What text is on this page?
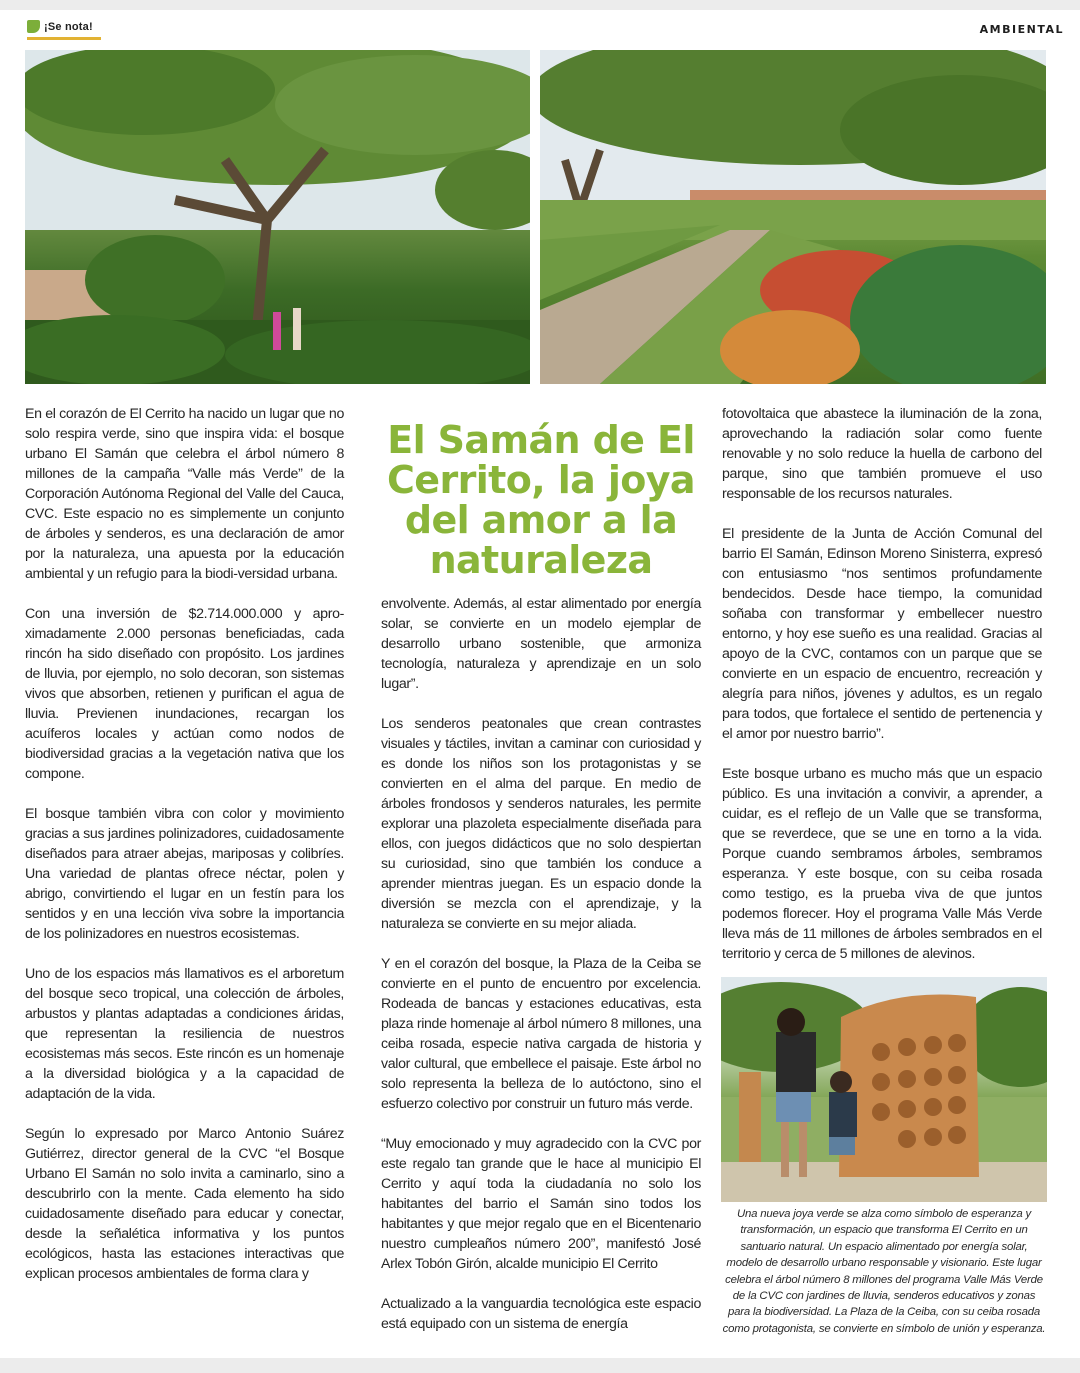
¡Se nota!	AMBIENTAL
El Samán de El Cerrito, la joya del amor a la naturaleza

En el corazón de El Cerrito ha nacido un lugar que no solo respira verde, sino que inspira vida: el bosque urbano El Samán que celebra el árbol número 8 millones de la campaña “Valle más Verde” de la Corporación Autónoma Regional del Valle del Cauca, CVC. Este espacio no es simplemente un conjunto de árboles y senderos, es una declaración de amor por la naturaleza, una apuesta por la educación ambiental y un refugio para la biodi-versidad urbana.

Con una inversión de $2.714.000.000 y apro-ximadamente 2.000 personas beneficiadas, cada rincón ha sido diseñado con propósito. Los jardines de lluvia, por ejemplo, no solo decoran, son sistemas vivos que absorben, retienen y purifican el agua de lluvia. Previenen inundaciones, recargan los acuíferos locales y actúan como nodos de biodiversidad gracias a la vegetación nativa que los compone.

El bosque también vibra con color y movimiento gracias a sus jardines polinizadores, cuidadosamente diseñados para atraer abejas, mariposas y colibríes. Una variedad de plantas ofrece néctar, polen y abrigo, convirtiendo el lugar en un festín para los sentidos y en una lección viva sobre la importancia de los polinizadores en nuestros ecosistemas.

Uno de los espacios más llamativos es el arboretum del bosque seco tropical, una colección de árboles, arbustos y plantas adaptadas a condiciones áridas, que representan la resiliencia de nuestros ecosistemas más secos. Este rincón es un homenaje a la diversidad biológica y a la capacidad de adaptación de la vida.

Según lo expresado por Marco Antonio Suárez Gutiérrez, director general de la CVC “el Bosque Urbano El Samán no solo invita a caminarlo, sino a descubrirlo con la mente. Cada elemento ha sido cuidadosamente diseñado para educar y conectar, desde la señalética informativa y los puntos ecológicos, hasta las estaciones interactivas que explican procesos ambientales de forma clara y

envolvente. Además, al estar alimentado por energía solar, se convierte en un modelo ejemplar de desarrollo urbano sostenible, que armoniza tecnología, naturaleza y aprendizaje en un solo lugar”.

Los senderos peatonales que crean contrastes visuales y táctiles, invitan a caminar con curiosidad y es donde los niños son los protagonistas y se convierten en el alma del parque. En medio de árboles frondosos y senderos naturales, les permite explorar una plazoleta especialmente diseñada para ellos, con juegos didácticos que no solo despiertan su curiosidad, sino que también los conduce a aprender mientras juegan. Es un espacio donde la diversión se mezcla con el aprendizaje, y la naturaleza se convierte en su mejor aliada.

Y en el corazón del bosque, la Plaza de la Ceiba se convierte en el punto de encuentro por excelencia. Rodeada de bancas y estaciones educativas, esta plaza rinde homenaje al árbol número 8 millones, una ceiba rosada, especie nativa cargada de historia y valor cultural, que embellece el paisaje. Este árbol no solo representa la belleza de lo autóctono, sino el esfuerzo colectivo por construir un futuro más verde.

“Muy emocionado y muy agradecido con la CVC por este regalo tan grande que le hace al municipio El Cerrito y aquí toda la ciudadanía no solo los habitantes del barrio el Samán sino todos los habitantes y que mejor regalo que en el Bicentenario nuestro cumpleaños número 200”, manifestó José Arlex Tobón Girón, alcalde municipio El Cerrito

Actualizado a la vanguardia tecnológica este espacio está equipado con un sistema de energía

fotovoltaica que abastece la iluminación de la zona, aprovechando la radiación solar como fuente renovable y no solo reduce la huella de carbono del parque, sino que también promueve el uso responsable de los recursos naturales.

El presidente de la Junta de Acción Comunal del barrio El Samán, Edinson Moreno Sinisterra, expresó con entusiasmo “nos sentimos profundamente bendecidos. Desde hace tiempo, la comunidad soñaba con transformar y embellecer nuestro entorno, y hoy ese sueño es una realidad. Gracias al apoyo de la CVC, contamos con un parque que se convierte en un espacio de encuentro, recreación y alegría para niños, jóvenes y adultos, es un regalo para todos, que fortalece el sentido de pertenencia y el amor por nuestro barrio”.

Este bosque urbano es mucho más que un espacio público. Es una invitación a convivir, a aprender, a cuidar, es el reflejo de un Valle que se transforma, que se reverdece, que se une en torno a la vida. Porque cuando sembramos árboles, sembramos esperanza. Y este bosque, con su ceiba rosada como testigo, es la prueba viva de que juntos podemos florecer. Hoy el programa Valle Más Verde lleva más de 11 millones de árboles sembrados en el territorio y cerca de 5 millones de alevinos.

Una nueva joya verde se alza como símbolo de esperanza y transformación, un espacio que transforma El Cerrito en un santuario natural. Un espacio alimentado por energía solar, modelo de desarrollo urbano responsable y visionario. Este lugar celebra el árbol número 8 millones del programa Valle Más Verde de la CVC con jardines de lluvia, senderos educativos y zonas para la biodiversidad. La Plaza de la Ceiba, con su ceiba rosada como protagonista, se convierte en símbolo de unión y esperanza.
